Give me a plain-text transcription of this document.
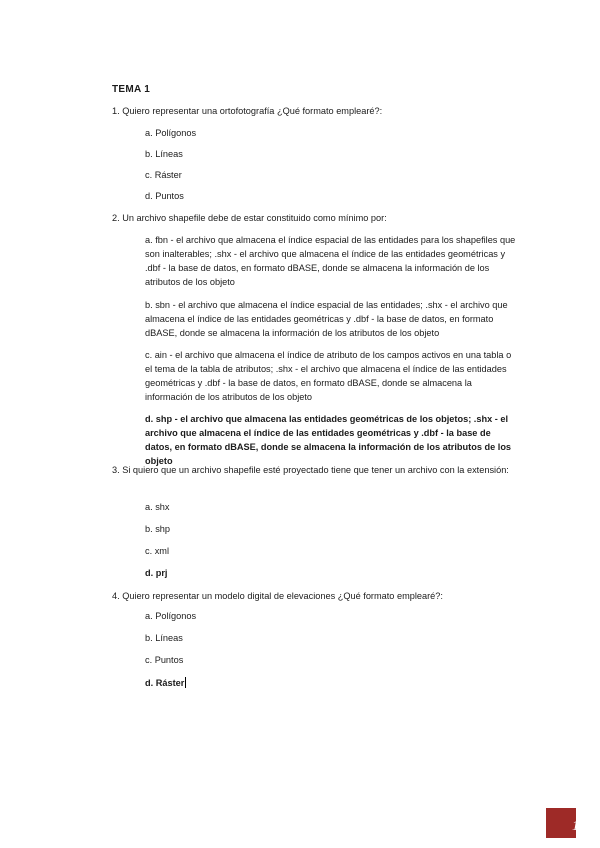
TEMA 1
1. Quiero representar una ortofotografía ¿Qué formato emplearé?:
a. Polígonos
b. Líneas
c. Ráster
d. Puntos
2. Un archivo shapefile debe de estar constituido como mínimo por:
a. fbn - el archivo que almacena el índice espacial de las entidades para los shapefiles que son inalterables; .shx - el archivo que almacena el índice de las entidades geométricas y .dbf - la base de datos, en formato dBASE, donde se almacena la información de los atributos de los objeto
b. sbn - el archivo que almacena el índice espacial de las entidades; .shx - el archivo que almacena el índice de las entidades geométricas y .dbf - la base de datos, en formato dBASE, donde se almacena la información de los atributos de los objeto
c. ain - el archivo que almacena el índice de atributo de los campos activos en una tabla o el tema de la tabla de atributos; .shx - el archivo que almacena el índice de las entidades geométricas y .dbf - la base de datos, en formato dBASE, donde se almacena la información de los atributos de los objeto
d. shp - el archivo que almacena las entidades geométricas de los objetos; .shx - el archivo que almacena el índice de las entidades geométricas y .dbf - la base de datos, en formato dBASE, donde se almacena la información de los atributos de los objeto
3. Si quiero que un archivo shapefile esté proyectado tiene que tener un archivo con la extensión:
a. shx
b. shp
c. xml
d. prj
4. Quiero representar un modelo digital de elevaciones ¿Qué formato emplearé?:
a. Polígonos
b. Líneas
c. Puntos
d. Ráster
1
